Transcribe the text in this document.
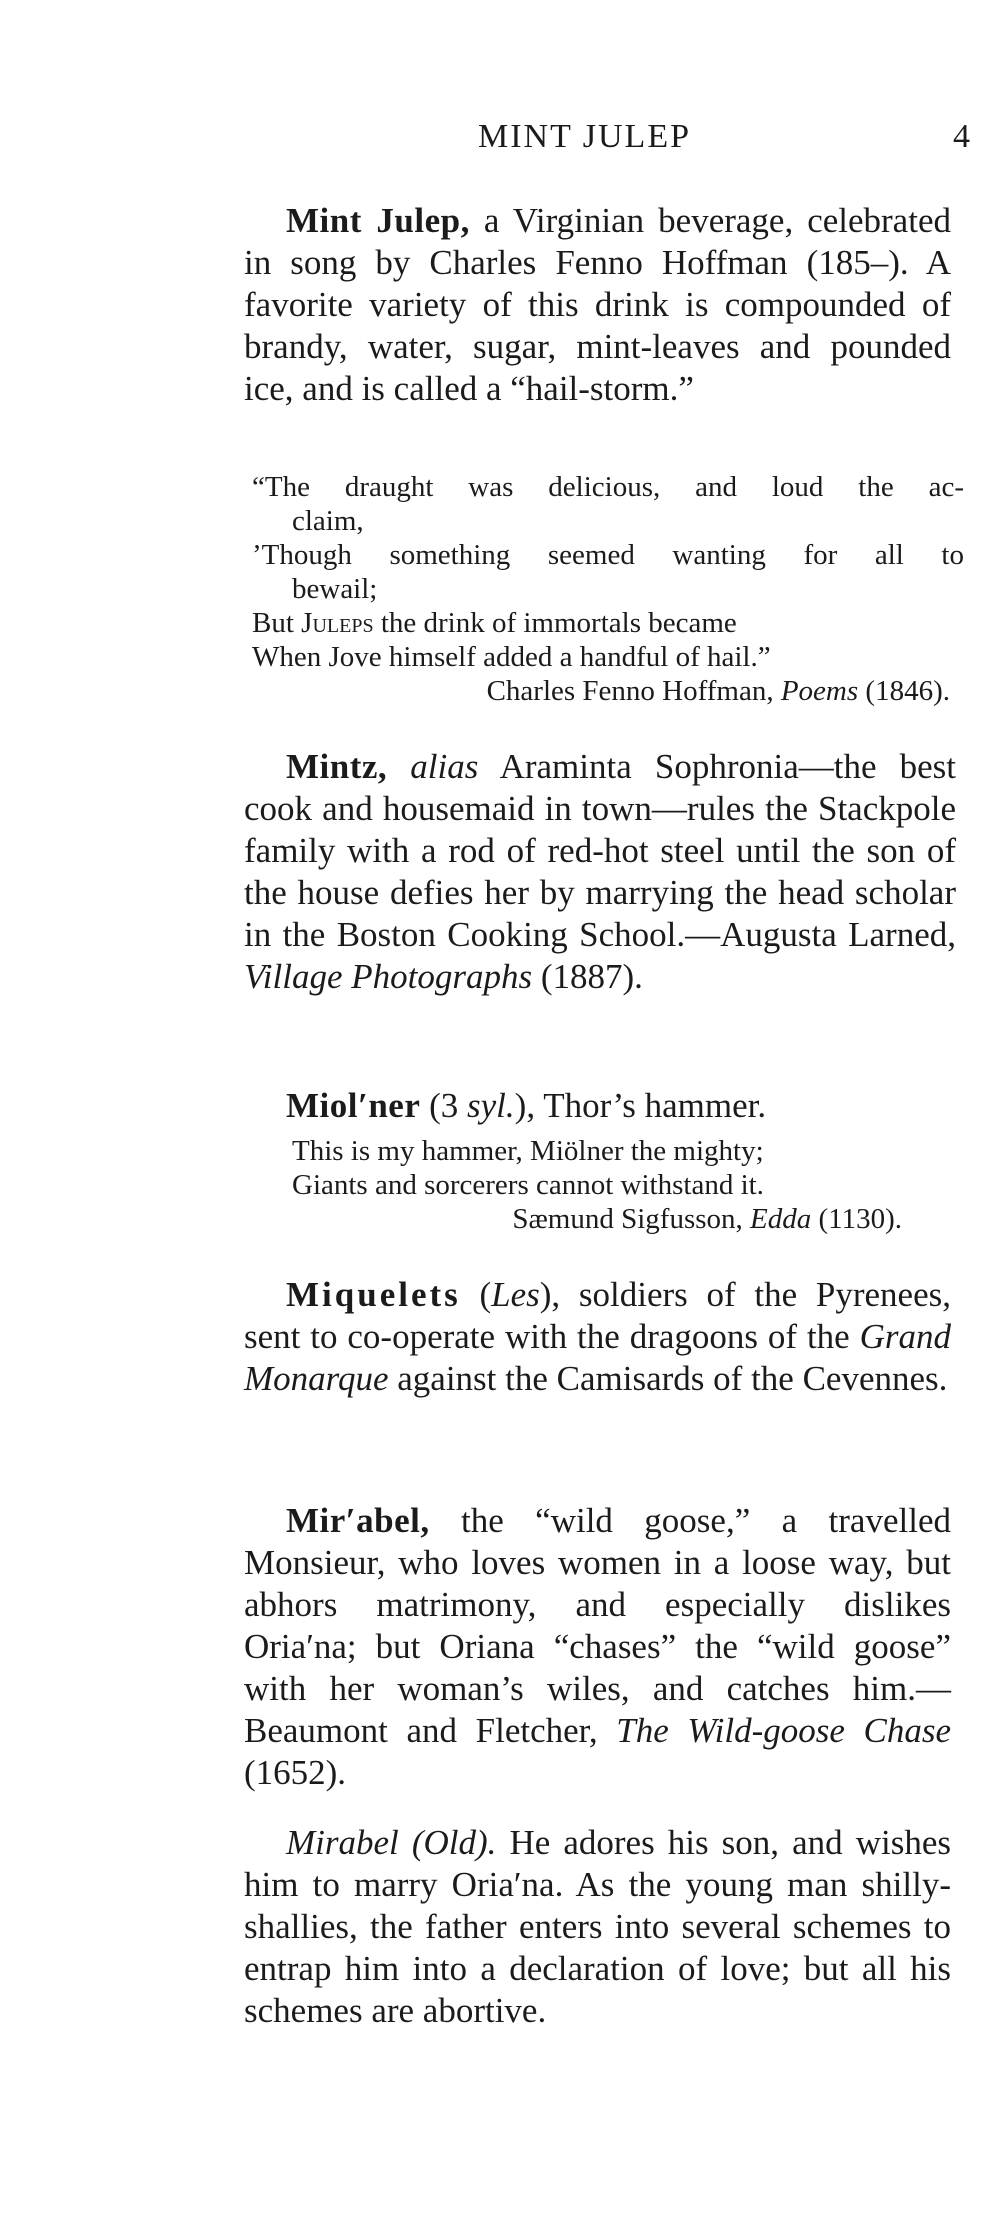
MINT JULEP	4

Mint Julep, a Virginian beverage, celebrated in song by Charles Fenno Hoffman (185–). A favorite variety of this drink is compounded of brandy, water, sugar, mint-leaves and pounded ice, and is called a “hail-storm.”

“The draught was delicious, and loud the ac-
claim,
’Though something seemed wanting for all to
bewail;
But Juleps the drink of immortals became
When Jove himself added a handful of hail.”
Charles Fenno Hoffman, Poems (1846).

Mintz, alias Araminta Sophronia—the best cook and housemaid in town—rules the Stackpole family with a rod of red-hot steel until the son of the house defies her by marrying the head scholar in the Boston Cooking School.—Augusta Larned, Village Photographs (1887).

Miol′ner (3 syl.), Thor’s hammer.

This is my hammer, Miölner the mighty;
Giants and sorcerers cannot withstand it.
Sæmund Sigfusson, Edda (1130).

Miquelets (Les), soldiers of the Pyrenees, sent to co-operate with the dragoons of the Grand Monarque against the Camisards of the Cevennes.

Mir′abel, the “wild goose,” a travelled Monsieur, who loves women in a loose way, but abhors matrimony, and especially dislikes Oria′na; but Oriana “chases” the “wild goose” with her woman’s wiles, and catches him.—Beaumont and Fletcher, The Wild-goose Chase (1652).

Mirabel (Old). He adores his son, and wishes him to marry Oria′na. As the young man shilly-shallies, the father enters into several schemes to entrap him into a declaration of love; but all his schemes are abortive.
